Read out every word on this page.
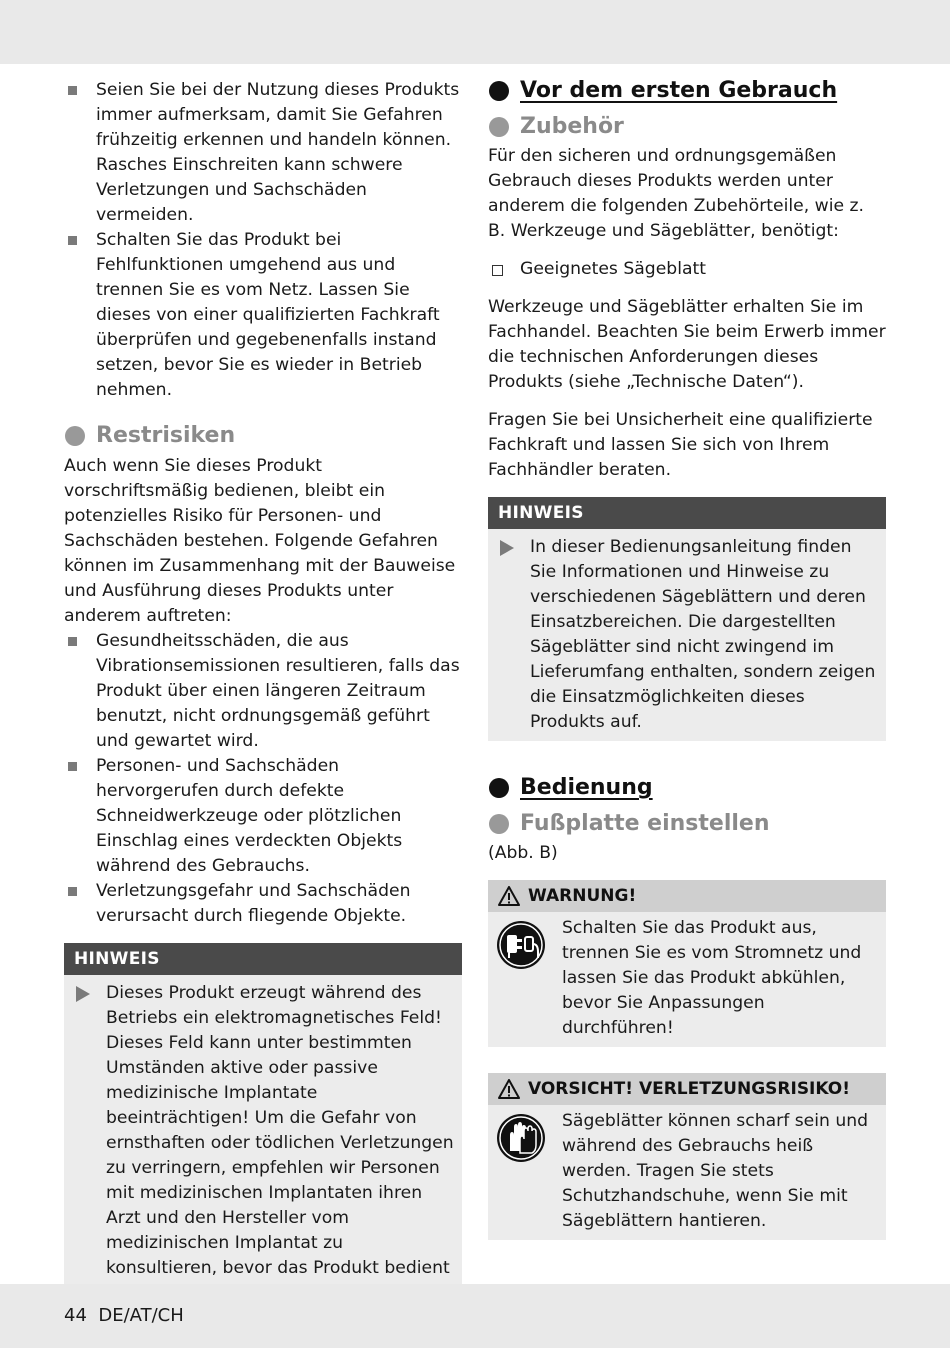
Seien Sie bei der Nutzung dieses Produkts immer aufmerksam, damit Sie Gefahren frühzeitig erkennen und handeln können. Rasches Einschreiten kann schwere Verletzungen und Sachschäden vermeiden.

Schalten Sie das Produkt bei Fehlfunktionen umgehend aus und trennen Sie es vom Netz. Lassen Sie dieses von einer qualifizierten Fachkraft überprüfen und gegebenenfalls instand setzen, bevor Sie es wieder in Betrieb nehmen.

Restrisiken

Auch wenn Sie dieses Produkt vorschriftsmäßig bedienen, bleibt ein potenzielles Risiko für Personen- und Sachschäden bestehen. Folgende Gefahren können im Zusammenhang mit der Bauweise und Ausführung dieses Produkts unter anderem auftreten:

Gesundheitsschäden, die aus Vibrationsemissionen resultieren, falls das Produkt über einen längeren Zeitraum benutzt, nicht ordnungsgemäß geführt und gewartet wird.

Personen- und Sachschäden hervorgerufen durch defekte Schneidwerkzeuge oder plötzlichen Einschlag eines verdeckten Objekts während des Gebrauchs.

Verletzungsgefahr und Sachschäden verursacht durch fliegende Objekte.

HINWEIS

Dieses Produkt erzeugt während des Betriebs ein elektromagnetisches Feld! Dieses Feld kann unter bestimmten Umständen aktive oder passive medizinische Implantate beeinträchtigen! Um die Gefahr von ernsthaften oder tödlichen Verletzungen zu verringern, empfehlen wir Personen mit medizinischen Implantaten ihren Arzt und den Hersteller vom medizinischen Implantat zu konsultieren, bevor das Produkt bedient

Vor dem ersten Gebrauch
Zubehör

Für den sicheren und ordnungsgemäßen Gebrauch dieses Produkts werden unter anderem die folgenden Zubehörteile, wie z. B. Werkzeuge und Sägeblätter, benötigt:

Geeignetes Sägeblatt

Werkzeuge und Sägeblätter erhalten Sie im Fachhandel. Beachten Sie beim Erwerb immer die technischen Anforderungen dieses Produkts (siehe „Technische Daten“).

Fragen Sie bei Unsicherheit eine qualifizierte Fachkraft und lassen Sie sich von Ihrem Fachhändler beraten.

HINWEIS

In dieser Bedienungsanleitung finden Sie Informationen und Hinweise zu verschiedenen Sägeblättern und deren Einsatzbereichen. Die dargestellten Sägeblätter sind nicht zwingend im Lieferumfang enthalten, sondern zeigen die Einsatzmöglichkeiten dieses Produkts auf.

Bedienung
Fußplatte einstellen

(Abb. B)

WARNUNG!

Schalten Sie das Produkt aus, trennen Sie es vom Stromnetz und lassen Sie das Produkt abkühlen, bevor Sie Anpassungen durchführen!

VORSICHT! VERLETZUNGSRISIKO!

Sägeblätter können scharf sein und während des Gebrauchs heiß werden. Tragen Sie stets Schutzhandschuhe, wenn Sie mit Sägeblättern hantieren.

44 DE/AT/CH
